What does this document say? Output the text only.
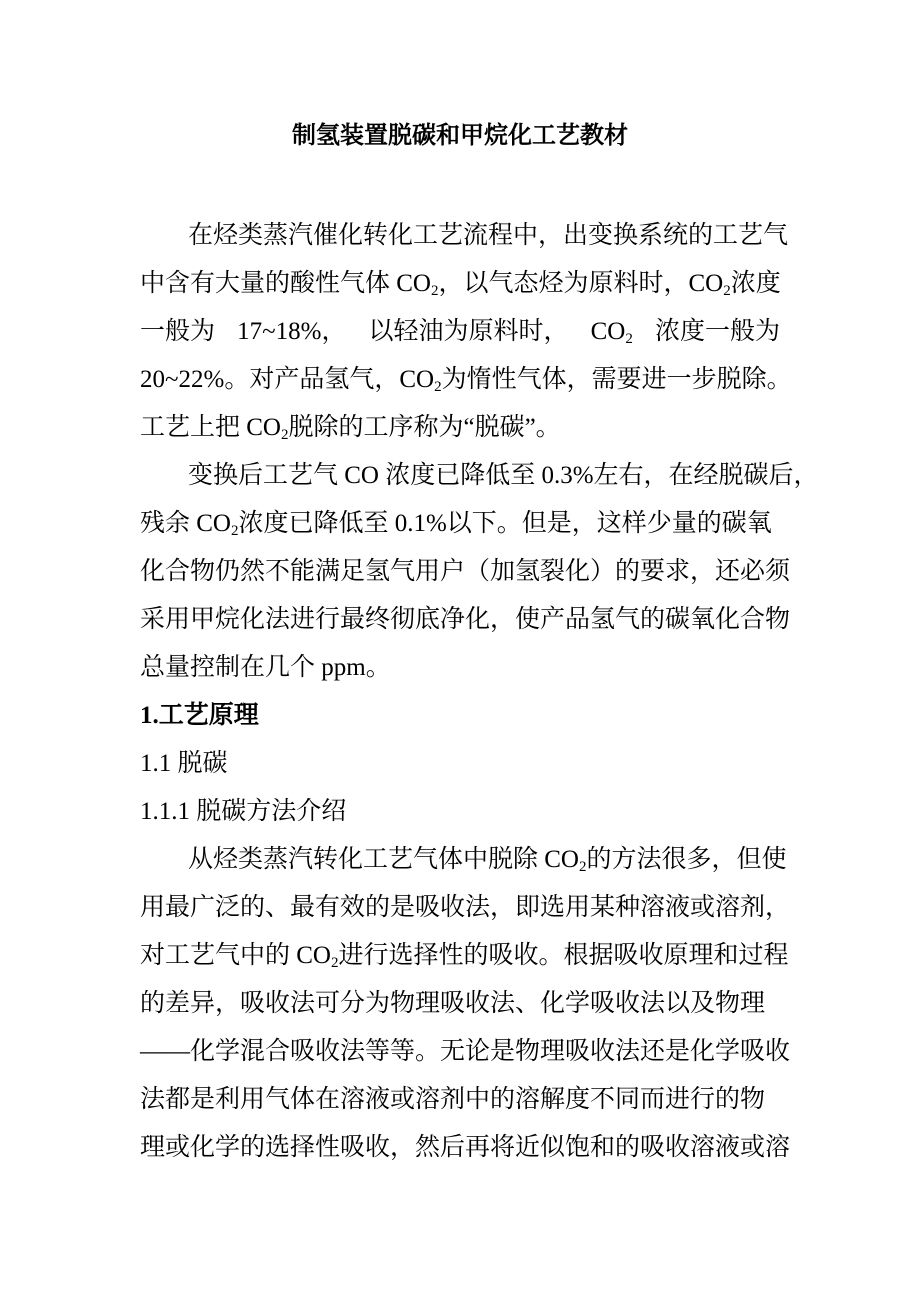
制氢装置脱碳和甲烷化工艺教材
在烃类蒸汽催化转化工艺流程中，出变换系统的工艺气
中含有大量的酸性气体 $CO_2$，以气态烃为原料时，$CO_2$浓度
一般为 17~18%， 以轻油为原料时， $CO_2$ 浓度一般为
20~22%。对产品氢气，$CO_2$为惰性气体，需要进一步脱除。
工艺上把 $CO_2$脱除的工序称为“脱碳”。
变换后工艺气 CO 浓度已降低至 0.3%左右，在经脱碳后，
残余 $CO_2$浓度已降低至 0.1%以下。但是，这样少量的碳氧
化合物仍然不能满足氢气用户（加氢裂化）的要求，还必须
采用甲烷化法进行最终彻底净化，使产品氢气的碳氧化合物
总量控制在几个 ppm。
1.工艺原理
1.1 脱碳
1.1.1 脱碳方法介绍
从烃类蒸汽转化工艺气体中脱除 $CO_2$的方法很多，但使
用最广泛的、最有效的是吸收法，即选用某种溶液或溶剂，
对工艺气中的 $CO_2$进行选择性的吸收。根据吸收原理和过程
的差异，吸收法可分为物理吸收法、化学吸收法以及物理
——化学混合吸收法等等。无论是物理吸收法还是化学吸收
法都是利用气体在溶液或溶剂中的溶解度不同而进行的物
理或化学的选择性吸收，然后再将近似饱和的吸收溶液或溶
